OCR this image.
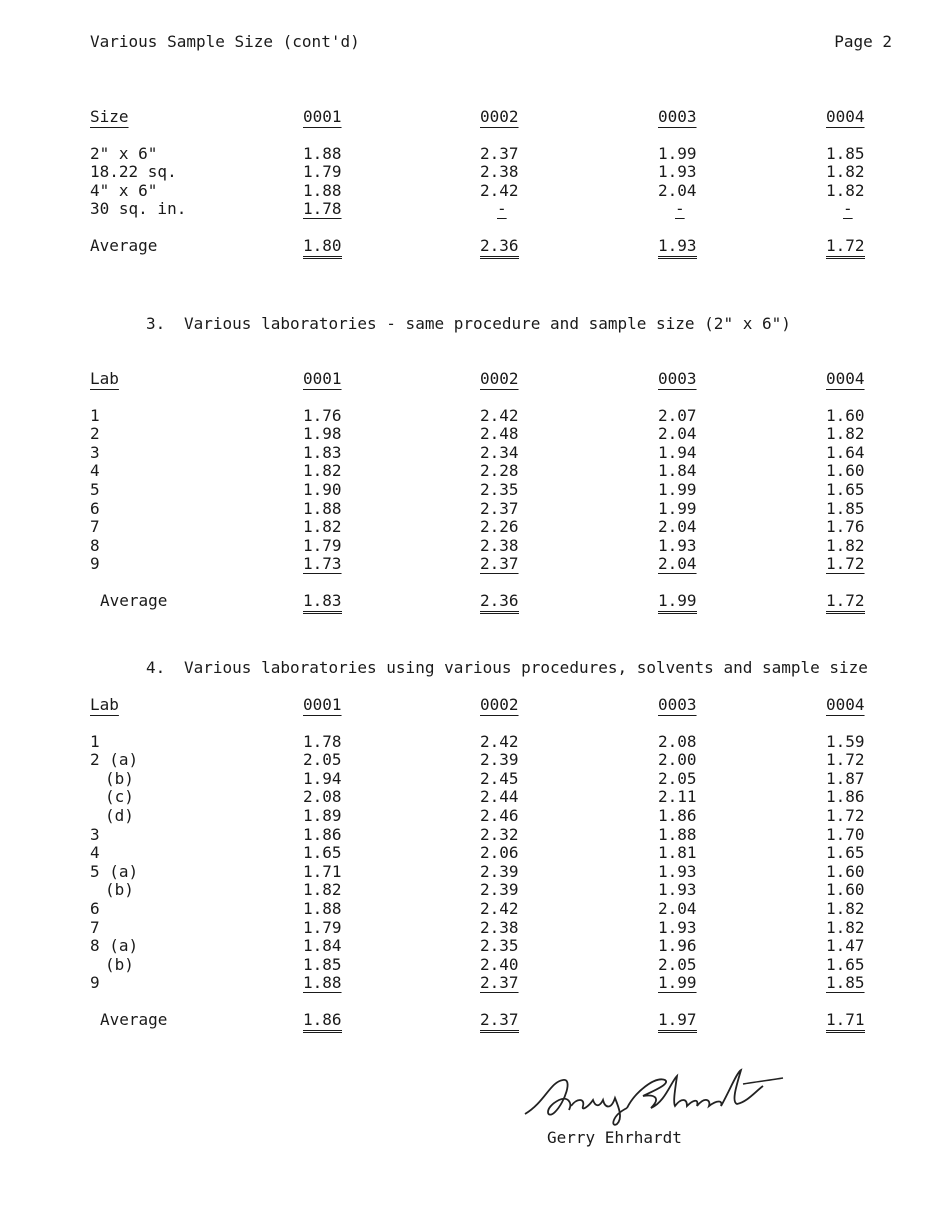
Various Sample Size (cont'd)	Page 2
Size	0001	0002	0003	0004
2" x 6"	1.88	2.37	1.99	1.85
18.22 sq.	1.79	2.38	1.93	1.82
4" x 6"	1.88	2.42	2.04	1.82
30 sq. in.	1.78	-	-	-
Average	1.80	2.36	1.93	1.72
3. Various laboratories - same procedure and sample size (2" x 6")
Lab	0001	0002	0003	0004
1	1.76	2.42	2.07	1.60
2	1.98	2.48	2.04	1.82
3	1.83	2.34	1.94	1.64
4	1.82	2.28	1.84	1.60
5	1.90	2.35	1.99	1.65
6	1.88	2.37	1.99	1.85
7	1.82	2.26	2.04	1.76
8	1.79	2.38	1.93	1.82
9	1.73	2.37	2.04	1.72
Average	1.83	2.36	1.99	1.72
4. Various laboratories using various procedures, solvents and sample size
Lab	0001	0002	0003	0004
1	1.78	2.42	2.08	1.59
2 (a)	2.05	2.39	2.00	1.72
(b)	1.94	2.45	2.05	1.87
(c)	2.08	2.44	2.11	1.86
(d)	1.89	2.46	1.86	1.72
3	1.86	2.32	1.88	1.70
4	1.65	2.06	1.81	1.65
5 (a)	1.71	2.39	1.93	1.60
(b)	1.82	2.39	1.93	1.60
6	1.88	2.42	2.04	1.82
7	1.79	2.38	1.93	1.82
8 (a)	1.84	2.35	1.96	1.47
(b)	1.85	2.40	2.05	1.65
9	1.88	2.37	1.99	1.85
Average	1.86	2.37	1.97	1.71
Gerry Ehrhardt
